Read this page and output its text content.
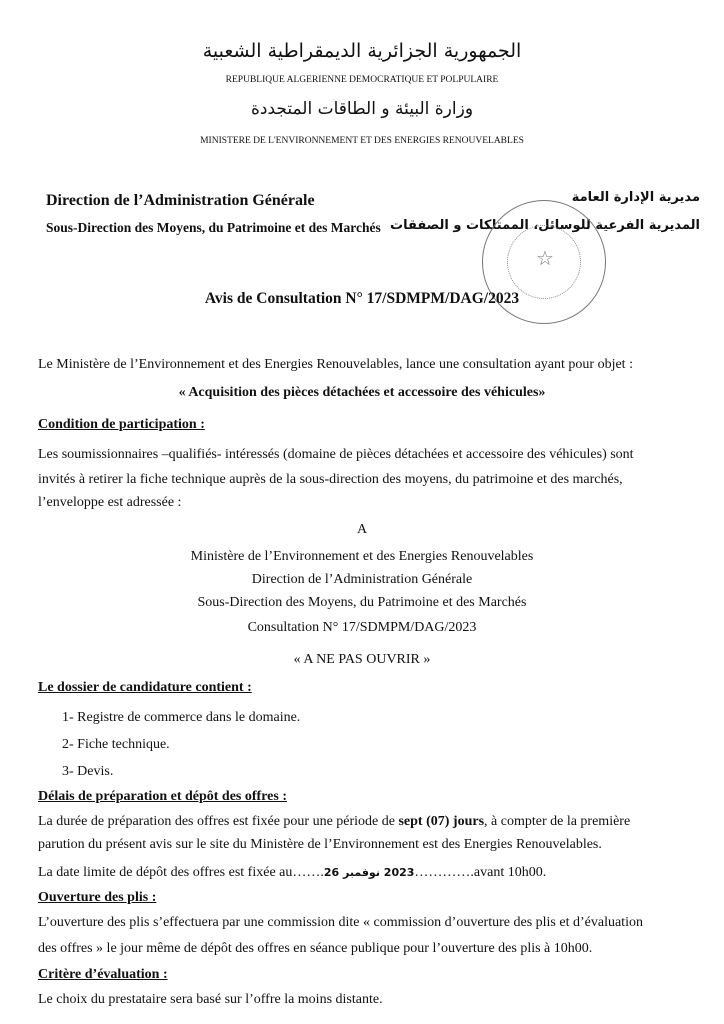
الجمهورية الجزائرية الديمقراطية الشعبية
REPUBLIQUE ALGERIENNE DEMOCRATIQUE ET POLPULAIRE
وزارة البيئة و الطاقات المتجددة
MINISTERE DE L'ENVIRONNEMENT ET DES ENERGIES RENOUVELABLES
Direction de l’Administration Générale
Sous-Direction des Moyens, du Patrimoine et des Marchés
مديرية الإدارة العامة
المديرية الفرعية للوسائل، الممتلكات و الصفقات
☆
Avis de Consultation N° 17/SDMPM/DAG/2023
Le Ministère de l’Environnement et des Energies Renouvelables, lance une consultation ayant pour objet :
« Acquisition des pièces détachées et accessoire des véhicules»
Condition de participation :
Les soumissionnaires –qualifiés- intéressés (domaine de pièces détachées et accessoire des véhicules) sont
invités à retirer la fiche technique auprès de la sous-direction des moyens, du patrimoine et des marchés,
l’enveloppe est adressée :
A
Ministère de l’Environnement et des Energies Renouvelables
Direction de l’Administration Générale
Sous-Direction des Moyens, du Patrimoine et des Marchés
Consultation N° 17/SDMPM/DAG/2023
« A NE PAS OUVRIR »
Le dossier de candidature contient :
1- Registre de commerce dans le domaine.
2- Fiche technique.
3- Devis.
Délais de préparation et dépôt des offres :
La durée de préparation des offres est fixée pour une période de sept (07) jours, à compter de la première
parution du présent avis sur le site du Ministère de l’Environnement est des Energies Renouvelables.
La date limite de dépôt des offres est fixée au…….2023 نوفمبر 26………….avant 10h00.
Ouverture des plis :
L’ouverture des plis s’effectuera par une commission dite « commission d’ouverture des plis et d’évaluation
des offres » le jour même de dépôt des offres en séance publique pour l’ouverture des plis à 10h00.
Critère d’évaluation :
Le choix du prestataire sera basé sur l’offre la moins distante.
